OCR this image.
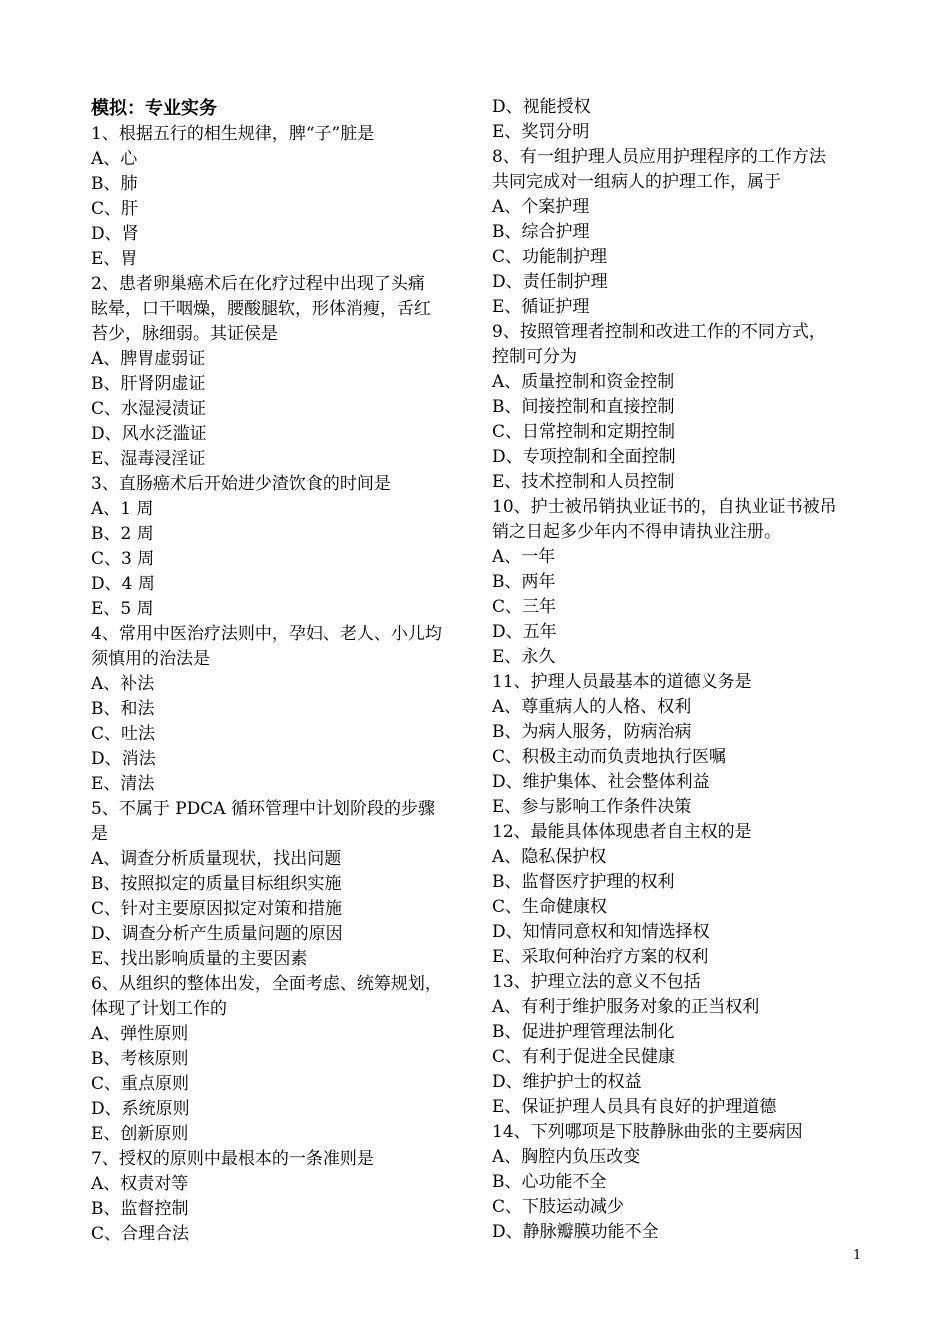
模拟：专业实务
1、根据五行的相生规律，脾“子”脏是
A、心
B、肺
C、肝
D、肾
E、胃
2、患者卵巢癌术后在化疗过程中出现了头痛
眩晕，口干咽燥，腰酸腿软，形体消瘦，舌红
苔少，脉细弱。其证侯是
A、脾胃虚弱证
B、肝肾阴虚证
C、水湿浸渍证
D、风水泛滥证
E、湿毒浸淫证
3、直肠癌术后开始进少渣饮食的时间是
A、1 周
B、2 周
C、3 周
D、4 周
E、5 周
4、常用中医治疗法则中，孕妇、老人、小儿均
须慎用的治法是
A、补法
B、和法
C、吐法
D、消法
E、清法
5、不属于 PDCA 循环管理中计划阶段的步骤
是
A、调查分析质量现状，找出问题
B、按照拟定的质量目标组织实施
C、针对主要原因拟定对策和措施
D、调查分析产生质量问题的原因
E、找出影响质量的主要因素
6、从组织的整体出发，全面考虑、统筹规划，
体现了计划工作的
A、弹性原则
B、考核原则
C、重点原则
D、系统原则
E、创新原则
7、授权的原则中最根本的一条准则是
A、权责对等
B、监督控制
C、合理合法
D、视能授权
E、奖罚分明
8、有一组护理人员应用护理程序的工作方法
共同完成对一组病人的护理工作，属于
A、个案护理
B、综合护理
C、功能制护理
D、责任制护理
E、循证护理
9、按照管理者控制和改进工作的不同方式，
控制可分为
A、质量控制和资金控制
B、间接控制和直接控制
C、日常控制和定期控制
D、专项控制和全面控制
E、技术控制和人员控制
10、护士被吊销执业证书的，自执业证书被吊
销之日起多少年内不得申请执业注册。
A、一年
B、两年
C、三年
D、五年
E、永久
11、护理人员最基本的道德义务是
A、尊重病人的人格、权利
B、为病人服务，防病治病
C、积极主动而负责地执行医嘱
D、维护集体、社会整体利益
E、参与影响工作条件决策
12、最能具体体现患者自主权的是
A、隐私保护权
B、监督医疗护理的权利
C、生命健康权
D、知情同意权和知情选择权
E、采取何种治疗方案的权利
13、护理立法的意义不包括
A、有利于维护服务对象的正当权利
B、促进护理管理法制化
C、有利于促进全民健康
D、维护护士的权益
E、保证护理人员具有良好的护理道德
14、下列哪项是下肢静脉曲张的主要病因
A、胸腔内负压改变
B、心功能不全
C、下肢运动减少
D、静脉瓣膜功能不全
1
